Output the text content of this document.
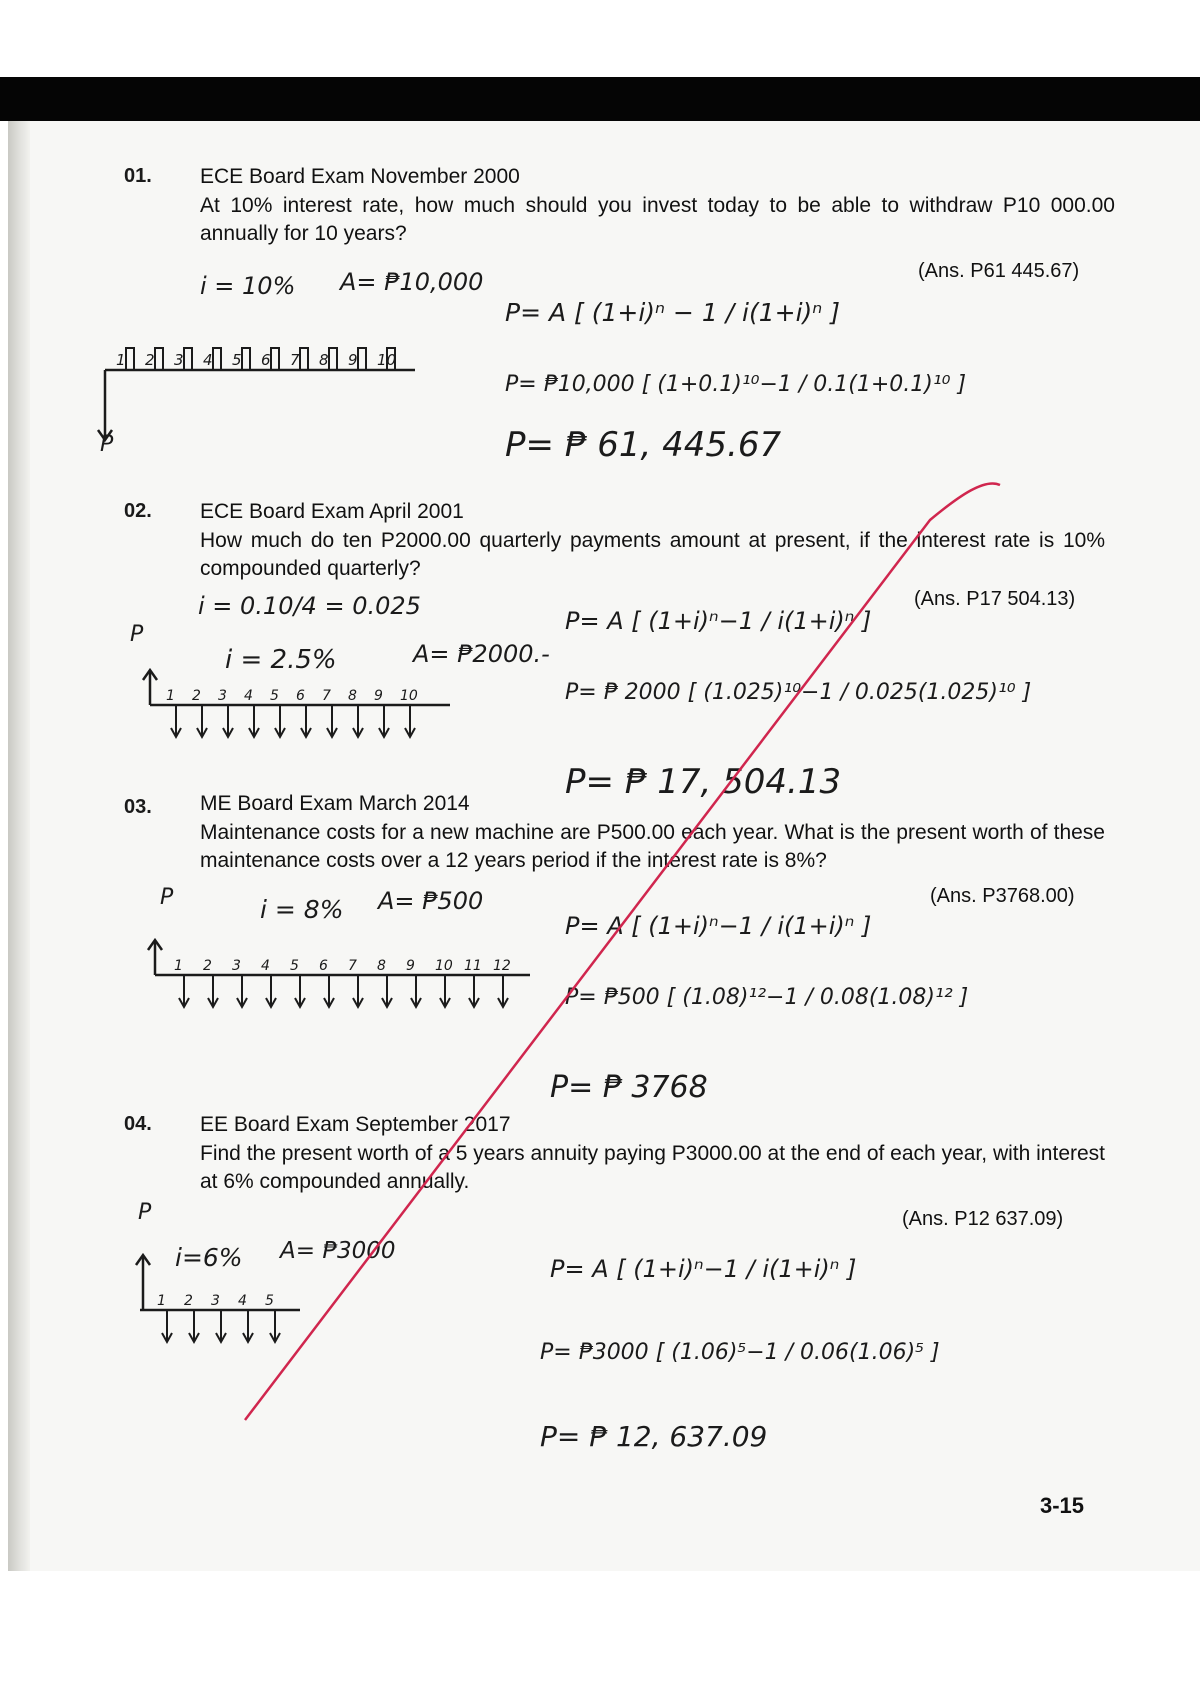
01. ECE Board Exam November 2000
At 10% interest rate, how much should you invest today to be able to withdraw P10 000.00 annually for 10 years?
(Ans. P61 445.67)
i = 10% A= ₱10,000
P
P= A [ (1+i)ⁿ − 1 / i(1+i)ⁿ ]
P= ₱10,000 [ (1+0.1)¹⁰−1 / 0.1(1+0.1)¹⁰ ]
P= ₱ 61, 445.67
02. ECE Board Exam April 2001
How much do ten P2000.00 quarterly payments amount at present, if the interest rate is 10% compounded quarterly?
(Ans. P17 504.13)
i = 0.10/4 = 0.025
i = 2.5%	A= ₱2000.-
P	P= A [ (1+i)ⁿ−1 / i(1+i)ⁿ ]
P= ₱ 2000 [ (1.025)¹⁰−1 / 0.025(1.025)¹⁰ ]
P= ₱ 17, 504.13
03. ME Board Exam March 2014
Maintenance costs for a new machine are P500.00 each year. What is the present worth of these maintenance costs over a 12 years period if the interest rate is 8%?
(Ans. P3768.00)
P	i = 8% A= ₱500
P= A [ (1+i)ⁿ−1 / i(1+i)ⁿ ]
P= ₱500 [ (1.08)¹²−1 / 0.08(1.08)¹² ]
P= ₱ 3768
04. EE Board Exam September 2017
Find the present worth of a 5 years annuity paying P3000.00 at the end of each year, with interest at 6% compounded annually.
(Ans. P12 637.09)
P
i=6% A= ₱3000
P= A [ (1+i)ⁿ−1 / i(1+i)ⁿ ]
P= ₱3000 [ (1.06)⁵−1 / 0.06(1.06)⁵ ]
P= ₱ 12, 637.09
3-15
1 2 3 4 5 6 7 8 9 10
1 2 3 4 5 6 7 8 9 10
1 2 3 4 5 6 7 8 9 10 11 12
1 2 3 4 5
